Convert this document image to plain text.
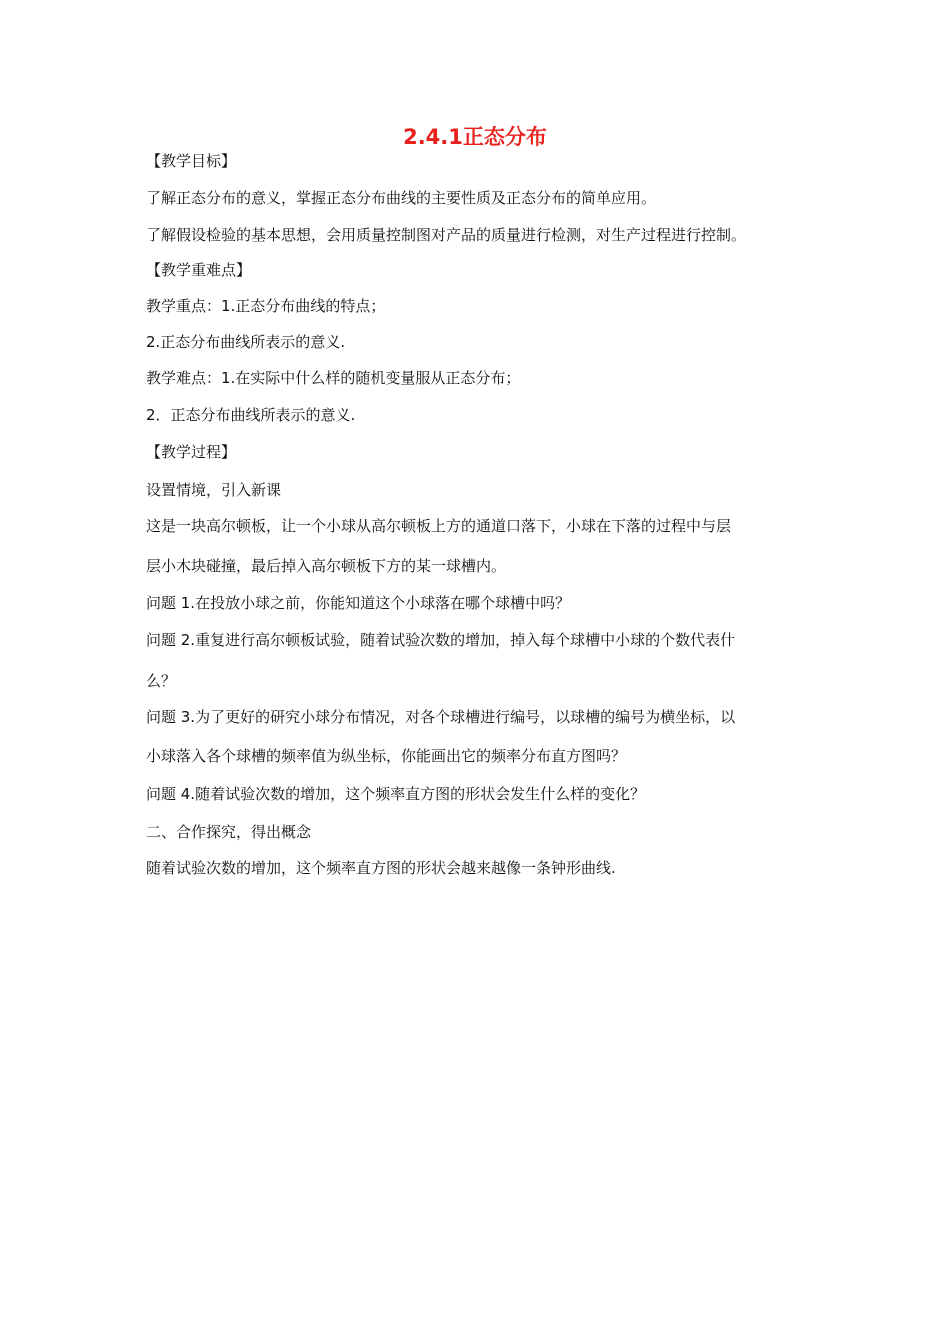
2.4.1正态分布
【教学目标】
了解正态分布的意义，掌握正态分布曲线的主要性质及正态分布的简单应用。
了解假设检验的基本思想，会用质量控制图对产品的质量进行检测，对生产过程进行控制。
【教学重难点】
教学重点：1.正态分布曲线的特点；
2.正态分布曲线所表示的意义.
教学难点：1.在实际中什么样的随机变量服从正态分布；
2．正态分布曲线所表示的意义.
【教学过程】
设置情境，引入新课
这是一块高尔顿板，让一个小球从高尔顿板上方的通道口落下，小球在下落的过程中与层
层小木块碰撞，最后掉入高尔顿板下方的某一球槽内。
问题 1.在投放小球之前，你能知道这个小球落在哪个球槽中吗？
问题 2.重复进行高尔顿板试验，随着试验次数的增加，掉入每个球槽中小球的个数代表什
么？
问题 3.为了更好的研究小球分布情况，对各个球槽进行编号，以球槽的编号为横坐标，以
小球落入各个球槽的频率值为纵坐标，你能画出它的频率分布直方图吗？
问题 4.随着试验次数的增加，这个频率直方图的形状会发生什么样的变化？
二、合作探究，得出概念
随着试验次数的增加，这个频率直方图的形状会越来越像一条钟形曲线.
